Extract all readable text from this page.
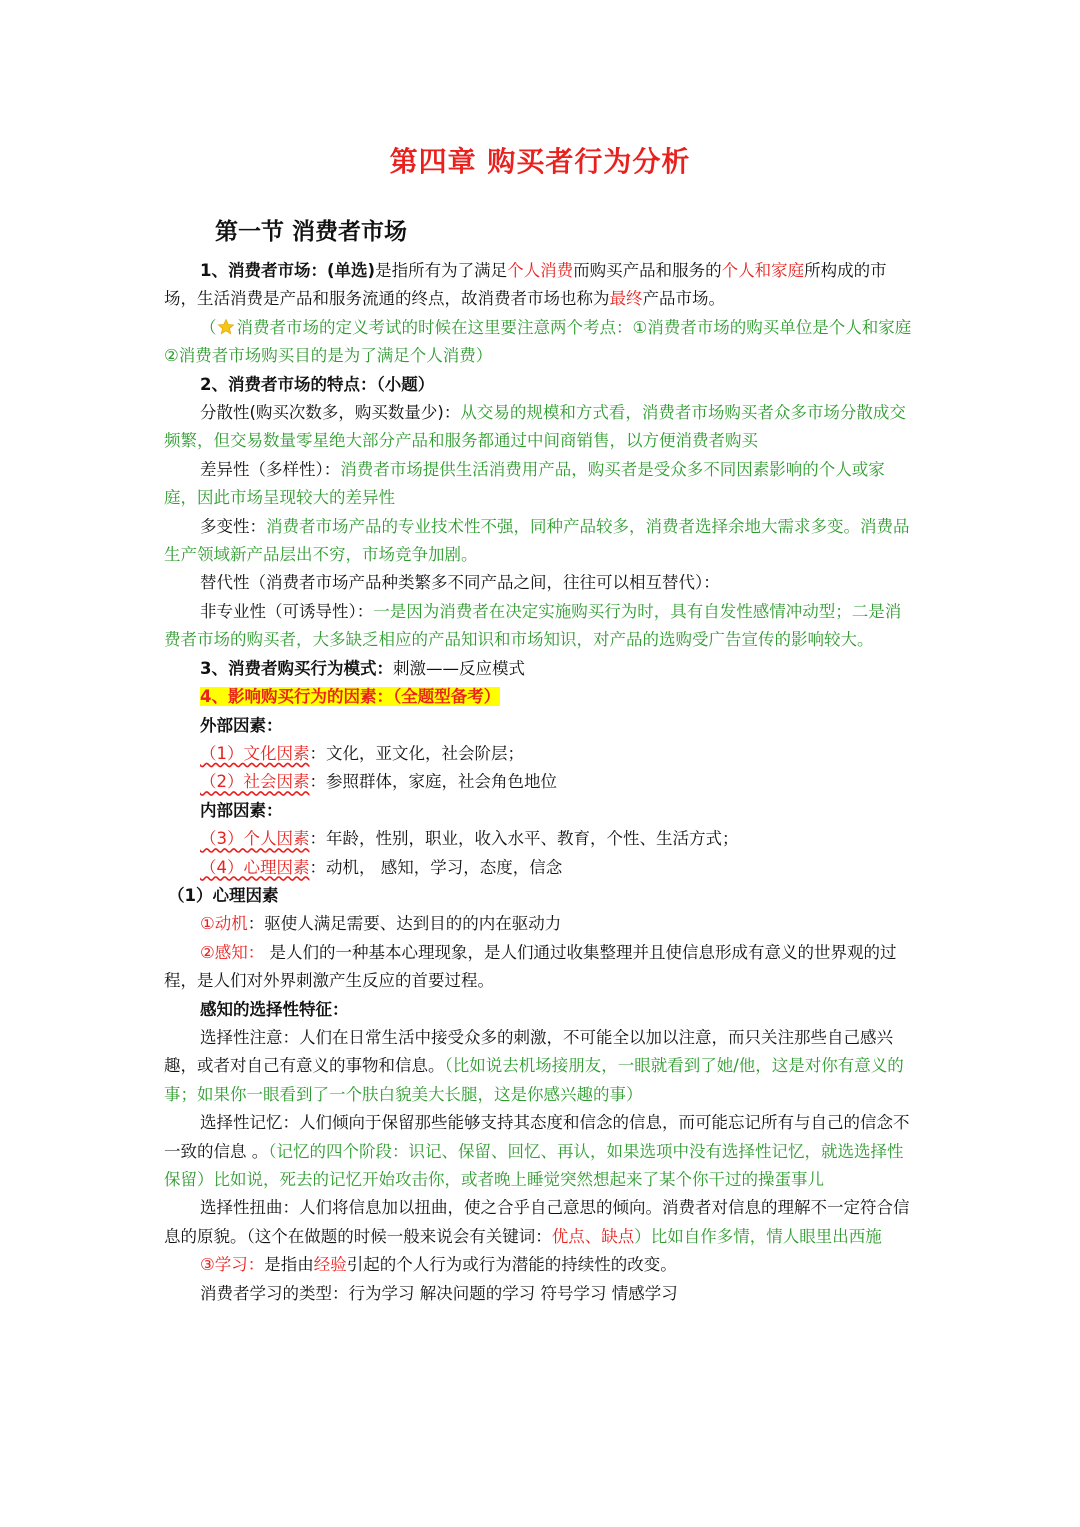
第四章 购买者行为分析
第一节 消费者市场

1、消费者市场：(单选)是指所有为了满足个人消费而购买产品和服务的个人和家庭所构成的市场，生活消费是产品和服务流通的终点，故消费者市场也称为最终产品市场。

（ 消费者市场的定义考试的时候在这里要注意两个考点：①消费者市场的购买单位是个人和家庭②消费者市场购买目的是为了满足个人消费）

2、消费者市场的特点：（小题）

分散性(购买次数多，购买数量少)：从交易的规模和方式看，消费者市场购买者众多市场分散成交频繁，但交易数量零星绝大部分产品和服务都通过中间商销售，以方便消费者购买

差异性（多样性）：消费者市场提供生活消费用产品，购买者是受众多不同因素影响的个人或家庭，因此市场呈现较大的差异性

多变性：消费者市场产品的专业技术性不强，同种产品较多，消费者选择余地大需求多变。消费品生产领域新产品层出不穷，市场竞争加剧。

替代性（消费者市场产品种类繁多不同产品之间，往往可以相互替代）：

非专业性（可诱导性）：一是因为消费者在决定实施购买行为时，具有自发性感情冲动型；二是消费者市场的购买者，大多缺乏相应的产品知识和市场知识，对产品的选购受广告宣传的影响较大。

3、消费者购买行为模式：刺激——反应模式

4、影响购买行为的因素：（全题型备考）

外部因素：

（1）文化因素：文化，亚文化，社会阶层；

（2）社会因素：参照群体，家庭，社会角色地位

内部因素：

（3）个人因素：年龄，性别，职业，收入水平、教育，个性、生活方式；

（4）心理因素：动机， 感知，学习，态度，信念

（1）心理因素

①动机：驱使人满足需要、达到目的的内在驱动力

②感知： 是人们的一种基本心理现象，是人们通过收集整理并且使信息形成有意义的世界观的过程，是人们对外界刺激产生反应的首要过程。

感知的选择性特征：

选择性注意：人们在日常生活中接受众多的刺激，不可能全以加以注意，而只关注那些自己感兴趣，或者对自己有意义的事物和信息。（比如说去机场接朋友，一眼就看到了她/他，这是对你有意义的事；如果你一眼看到了一个肤白貌美大长腿，这是你感兴趣的事）

选择性记忆：人们倾向于保留那些能够支持其态度和信念的信息，而可能忘记所有与自己的信念不一致的信息 。（记忆的四个阶段：识记、保留、回忆、再认，如果选项中没有选择性记忆，就选选择性保留）比如说，死去的记忆开始攻击你，或者晚上睡觉突然想起来了某个你干过的操蛋事儿

选择性扭曲：人们将信息加以扭曲，使之合乎自己意思的倾向。消费者对信息的理解不一定符合信息的原貌。（这个在做题的时候一般来说会有关键词：优点、缺点）比如自作多情，情人眼里出西施

③学习：是指由经验引起的个人行为或行为潜能的持续性的改变。

消费者学习的类型：行为学习 解决问题的学习 符号学习 情感学习
